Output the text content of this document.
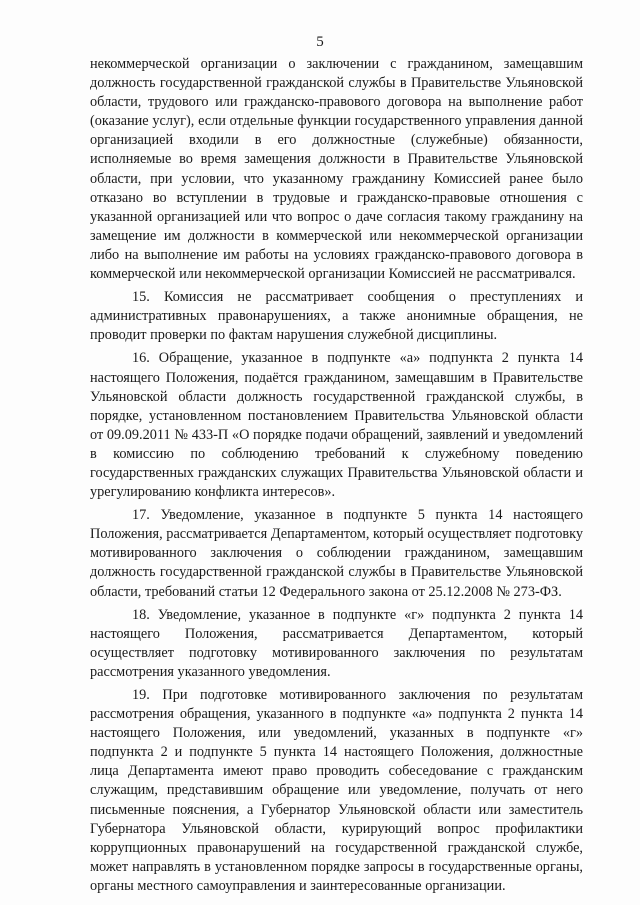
5

некоммерческой организации о заключении с гражданином, замещавшим должность государственной гражданской службы в Правительстве Ульяновской области, трудового или гражданско-правового договора на выполнение работ (оказание услуг), если отдельные функции государственного управления данной организацией входили в его должностные (служебные) обязанности, исполняемые во время замещения должности в Правительстве Ульяновской области, при условии, что указанному гражданину Комиссией ранее было отказано во вступлении в трудовые и гражданско-правовые отношения с указанной организацией или что вопрос о даче согласия такому гражданину на замещение им должности в коммерческой или некоммерческой организации либо на выполнение им работы на условиях гражданско-правового договора в коммерческой или некоммерческой организации Комиссией не рассматривался.

15. Комиссия не рассматривает сообщения о преступлениях и административных правонарушениях, а также анонимные обращения, не проводит проверки по фактам нарушения служебной дисциплины.

16. Обращение, указанное в подпункте «а» подпункта 2 пункта 14 настоящего Положения, подаётся гражданином, замещавшим в Правительстве Ульяновской области должность государственной гражданской службы, в порядке, установленном постановлением Правительства Ульяновской области от 09.09.2011 № 433-П «О порядке подачи обращений, заявлений и уведомлений в комиссию по соблюдению требований к служебному поведению государственных гражданских служащих Правительства Ульяновской области и урегулированию конфликта интересов».

17. Уведомление, указанное в подпункте 5 пункта 14 настоящего Положения, рассматривается Департаментом, который осуществляет подготовку мотивированного заключения о соблюдении гражданином, замещавшим должность государственной гражданской службы в Правительстве Ульяновской области, требований статьи 12 Федерального закона от 25.12.2008 № 273-ФЗ.

18. Уведомление, указанное в подпункте «г» подпункта 2 пункта 14 настоящего Положения, рассматривается Департаментом, который осуществляет подготовку мотивированного заключения по результатам рассмотрения указанного уведомления.

19. При подготовке мотивированного заключения по результатам рассмотрения обращения, указанного в подпункте «а» подпункта 2 пункта 14 настоящего Положения, или уведомлений, указанных в подпункте «г» подпункта 2 и подпункте 5 пункта 14 настоящего Положения, должностные лица Департамента имеют право проводить собеседование с гражданским служащим, представившим обращение или уведомление, получать от него письменные пояснения, а Губернатор Ульяновской области или заместитель Губернатора Ульяновской области, курирующий вопрос профилактики коррупционных правонарушений на государственной гражданской службе, может направлять в установленном порядке запросы в государственные органы, органы местного самоуправления и заинтересованные организации.
